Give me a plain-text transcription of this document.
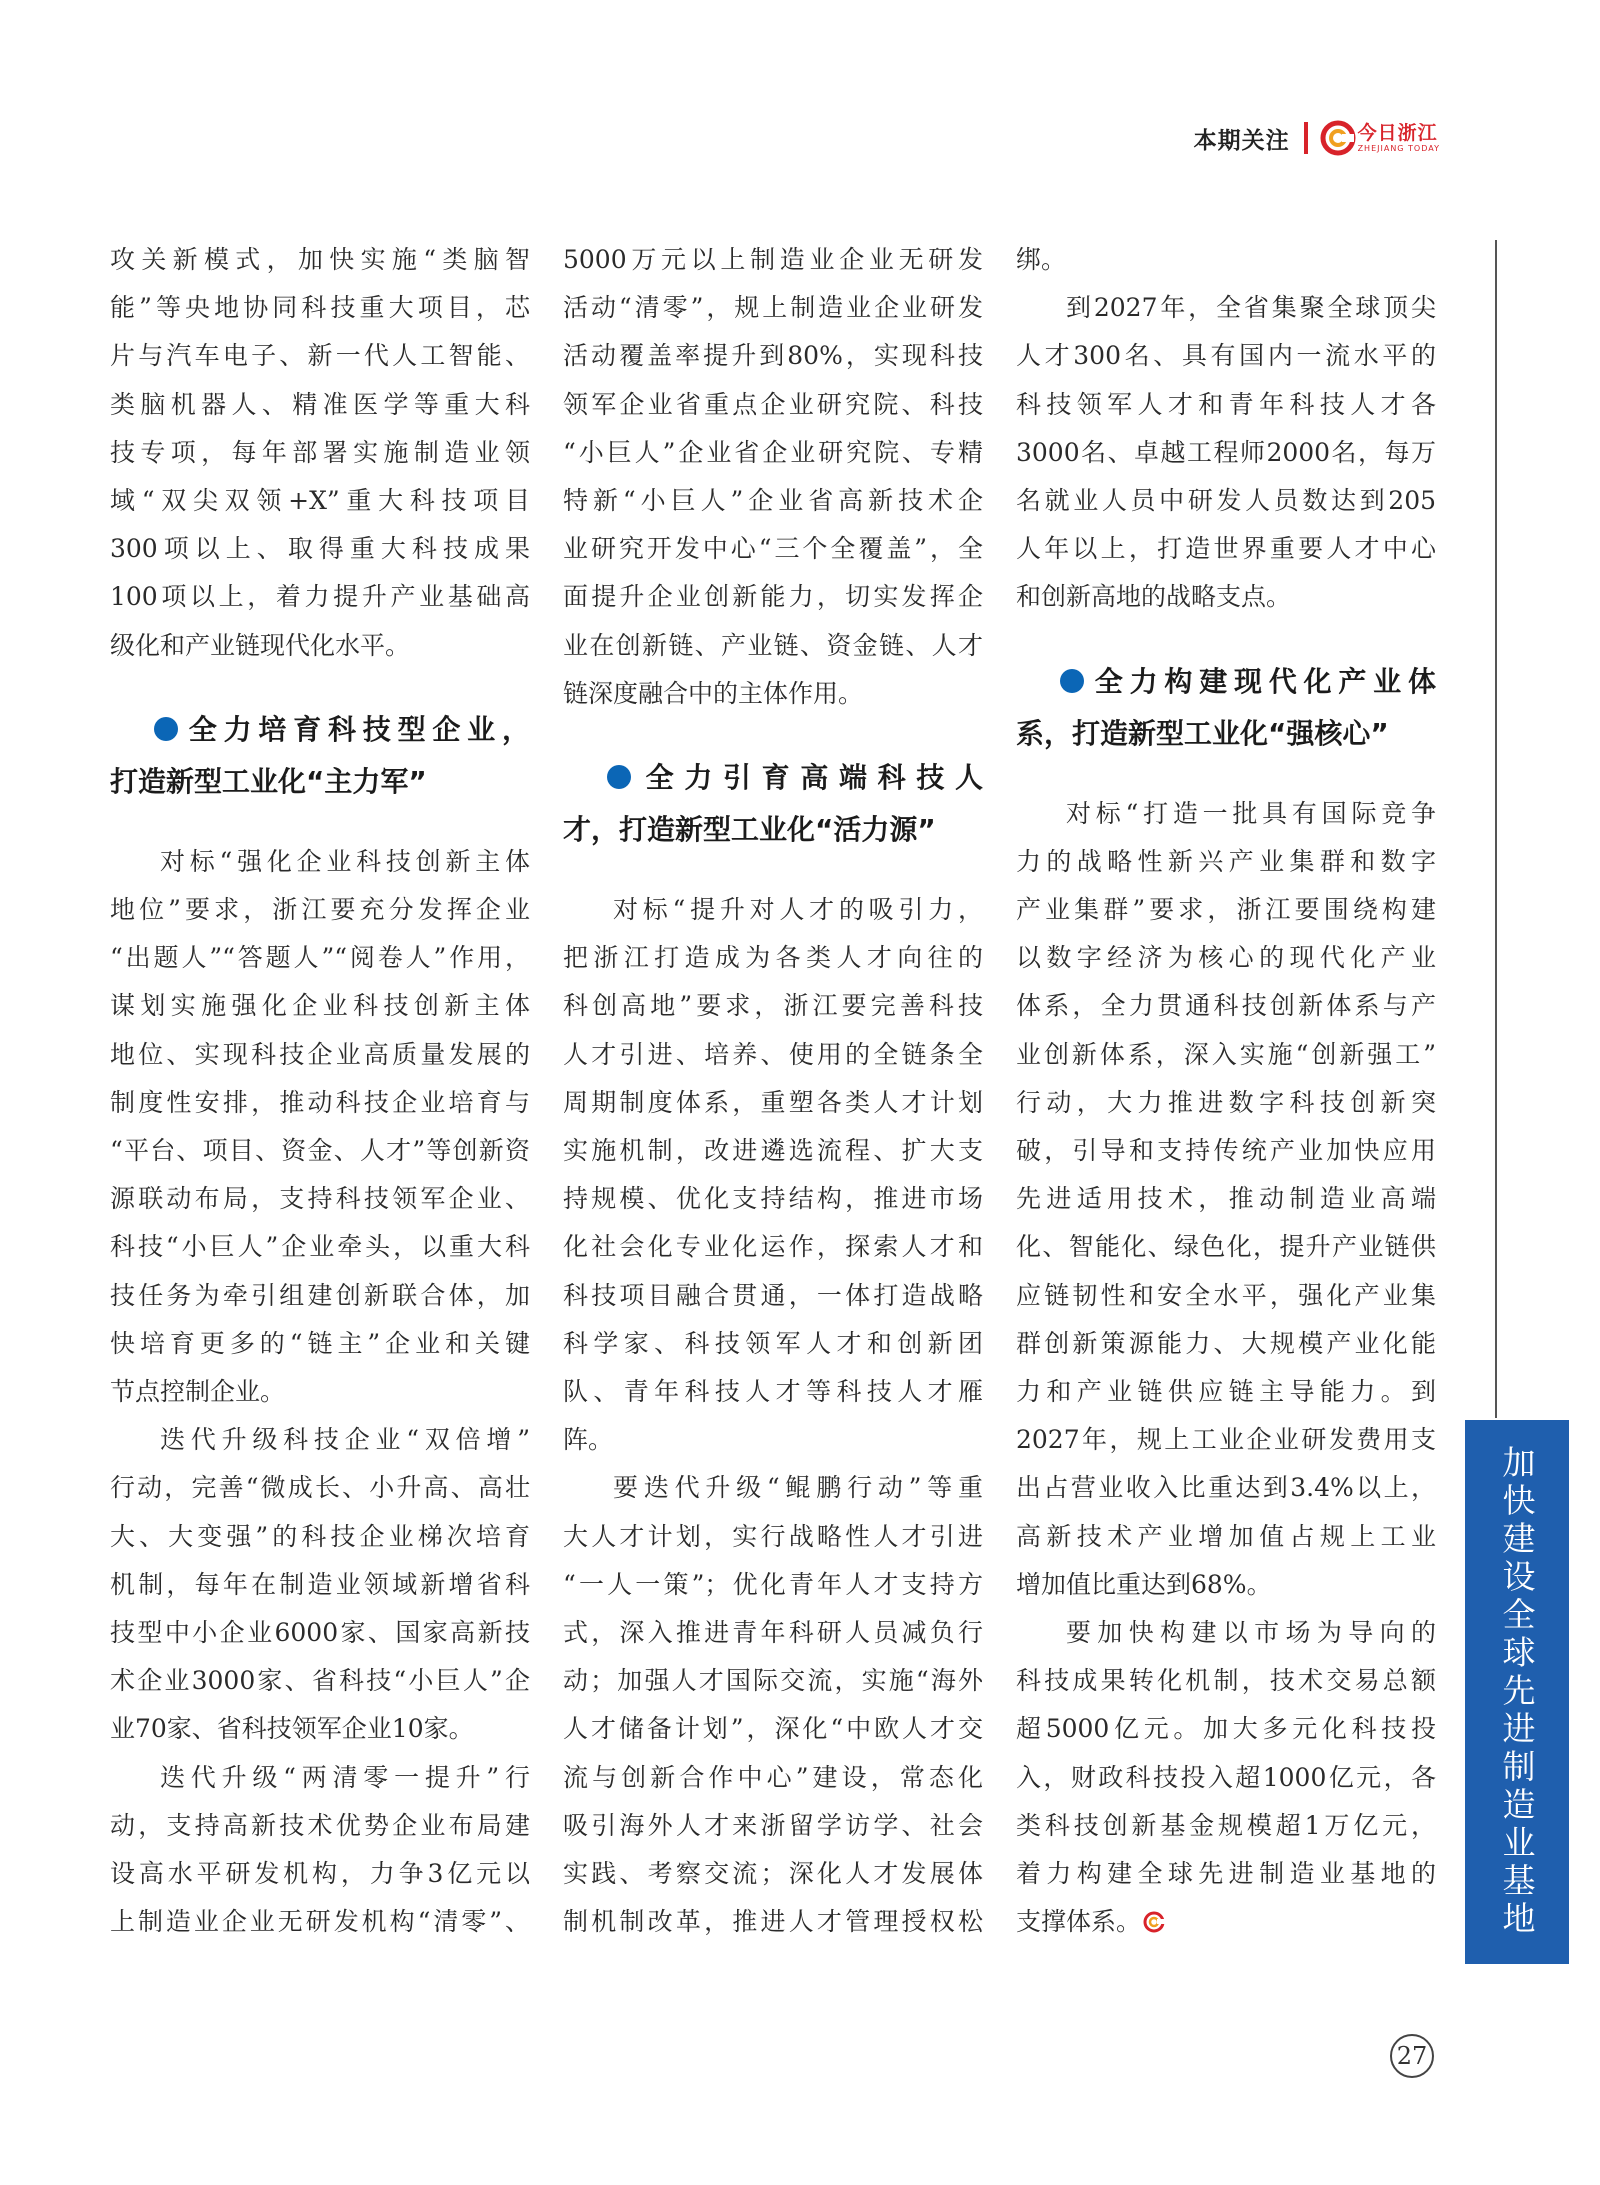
本期关注	今日浙江
ZHEJIANG TODAY

攻关新模式，加快实施“类脑智

能”等央地协同科技重大项目，芯

片与汽车电子、新一代人工智能、

类脑机器人、精准医学等重大科

技专项，每年部署实施制造业领

域“双尖双领+X”重大科技项目

300项以上、取得重大科技成果

100项以上，着力提升产业基础高

级化和产业链现代化水平。

全力培育科技型企业，
打造新型工业化“主力军”

对标“强化企业科技创新主体

地位”要求，浙江要充分发挥企业

“出题人”“答题人”“阅卷人”作用，

谋划实施强化企业科技创新主体

地位、实现科技企业高质量发展的

制度性安排，推动科技企业培育与

“平台、项目、资金、人才”等创新资

源联动布局，支持科技领军企业、

科技“小巨人”企业牵头，以重大科

技任务为牵引组建创新联合体，加

快培育更多的“链主”企业和关键

节点控制企业。

迭代升级科技企业“双倍增”

行动，完善“微成长、小升高、高壮

大、大变强”的科技企业梯次培育

机制，每年在制造业领域新增省科

技型中小企业6000家、国家高新技

术企业3000家、省科技“小巨人”企

业70家、省科技领军企业10家。

迭代升级“两清零一提升”行

动，支持高新技术优势企业布局建

设高水平研发机构，力争3亿元以

上制造业企业无研发机构“清零”、

5000万元以上制造业企业无研发

活动“清零”，规上制造业企业研发

活动覆盖率提升到80%，实现科技

领军企业省重点企业研究院、科技

“小巨人”企业省企业研究院、专精

特新“小巨人”企业省高新技术企

业研究开发中心“三个全覆盖”，全

面提升企业创新能力，切实发挥企

业在创新链、产业链、资金链、人才

链深度融合中的主体作用。

全力引育高端科技人
才，打造新型工业化“活力源”

对标“提升对人才的吸引力，

把浙江打造成为各类人才向往的

科创高地”要求，浙江要完善科技

人才引进、培养、使用的全链条全

周期制度体系，重塑各类人才计划

实施机制，改进遴选流程、扩大支

持规模、优化支持结构，推进市场

化社会化专业化运作，探索人才和

科技项目融合贯通，一体打造战略

科学家、科技领军人才和创新团

队、青年科技人才等科技人才雁

阵。

要迭代升级“鲲鹏行动”等重

大人才计划，实行战略性人才引进

“一人一策”；优化青年人才支持方

式，深入推进青年科研人员减负行

动；加强人才国际交流，实施“海外

人才储备计划”，深化“中欧人才交

流与创新合作中心”建设，常态化

吸引海外人才来浙留学访学、社会

实践、考察交流；深化人才发展体

制机制改革，推进人才管理授权松

绑。

到2027年，全省集聚全球顶尖

人才300名、具有国内一流水平的

科技领军人才和青年科技人才各

3000名、卓越工程师2000名，每万

名就业人员中研发人员数达到205

人年以上，打造世界重要人才中心

和创新高地的战略支点。

全力构建现代化产业体
系，打造新型工业化“强核心”

对标“打造一批具有国际竞争

力的战略性新兴产业集群和数字

产业集群”要求，浙江要围绕构建

以数字经济为核心的现代化产业

体系，全力贯通科技创新体系与产

业创新体系，深入实施“创新强工”

行动，大力推进数字科技创新突

破，引导和支持传统产业加快应用

先进适用技术，推动制造业高端

化、智能化、绿色化，提升产业链供

应链韧性和安全水平，强化产业集

群创新策源能力、大规模产业化能

力和产业链供应链主导能力。到

2027年，规上工业企业研发费用支

出占营业收入比重达到3.4%以上，

高新技术产业增加值占规上工业

增加值比重达到68%。

要加快构建以市场为导向的

科技成果转化机制，技术交易总额

超5000亿元。加大多元化科技投

入，财政科技投入超1000亿元，各

类科技创新基金规模超1万亿元，

着力构建全球先进制造业基地的

支撑体系。	加快建设全球先进制造业基地
27
